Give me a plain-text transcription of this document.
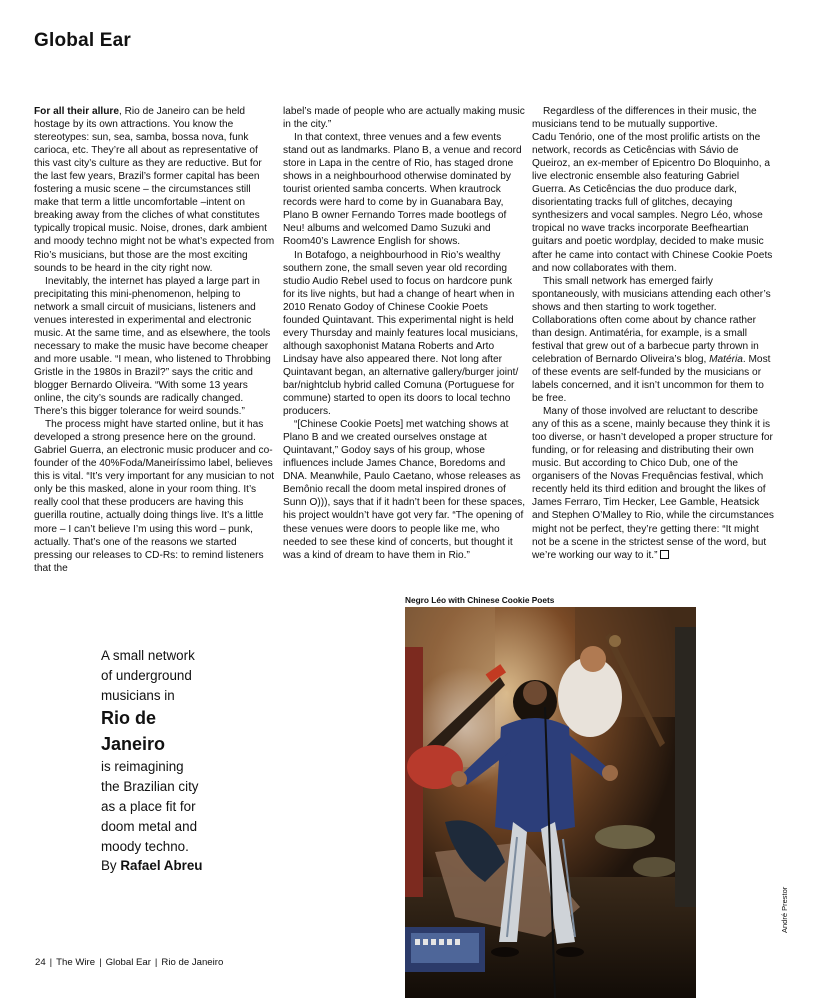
Global Ear

For all their allure, Rio de Janeiro can be held hostage by its own attractions. You know the stereotypes: sun, sea, samba, bossa nova, funk carioca, etc. They’re all about as representative of this vast city’s culture as they are reductive. But for the last few years, Brazil’s former capital has been fostering a music scene – the circumstances still make that term a little uncomfortable –intent on breaking away from the cliches of what constitutes typically tropical music. Noise, drones, dark ambient and moody techno might not be what’s expected from Rio’s musicians, but those are the most exciting sounds to be heard in the city right now.

Inevitably, the internet has played a large part in precipitating this mini-phenomenon, helping to network a small circuit of musicians, listeners and venues interested in experimental and electronic music. At the same time, and as elsewhere, the tools necessary to make the music have become cheaper and more usable. “I mean, who listened to Throbbing Gristle in the 1980s in Brazil?” says the critic and blogger Bernardo Oliveira. “With some 13 years online, the city’s sounds are radically changed. There’s this bigger tolerance for weird sounds.”

The process might have started online, but it has developed a strong presence here on the ground. Gabriel Guerra, an electronic music producer and co-founder of the 40%Foda/Maneiríssimo label, believes this is vital. “It’s very important for any musician to not only be this masked, alone in your room thing. It’s really cool that these producers are having this guerilla routine, actually doing things live. It’s a little more – I can’t believe I’m using this word – punk, actually. That’s one of the reasons we started pressing our releases to CD-Rs: to remind listeners that the

label’s made of people who are actually making music in the city.”

In that context, three venues and a few events stand out as landmarks. Plano B, a venue and record store in Lapa in the centre of Rio, has staged drone shows in a neighbourhood otherwise dominated by tourist oriented samba concerts. When krautrock records were hard to come by in Guanabara Bay, Plano B owner Fernando Torres made bootlegs of Neu! albums and welcomed Damo Suzuki and Room40’s Lawrence English for shows.

In Botafogo, a neighbourhood in Rio’s wealthy southern zone, the small seven year old recording studio Audio Rebel used to focus on hardcore punk for its live nights, but had a change of heart when in 2010 Renato Godoy of Chinese Cookie Poets founded Quintavant. This experimental night is held every Thursday and mainly features local musicians, although saxophonist Matana Roberts and Arto Lindsay have also appeared there. Not long after Quintavant began, an alternative gallery/burger joint/ bar/nightclub hybrid called Comuna (Portuguese for commune) started to open its doors to local techno producers.

“[Chinese Cookie Poets] met watching shows at Plano B and we created ourselves onstage at Quintavant,” Godoy says of his group, whose influences include James Chance, Boredoms and DNA. Meanwhile, Paulo Caetano, whose releases as Bemônio recall the doom metal inspired drones of Sunn O))), says that if it hadn’t been for these spaces, his project wouldn’t have got very far. “The opening of these venues were doors to people like me, who needed to see these kind of concerts, but thought it was a kind of dream to have them in Rio.”

Regardless of the differences in their music, the musicians tend to be mutually supportive.

Cadu Tenório, one of the most prolific artists on the network, records as Ceticências with Sávio de Queiroz, an ex-member of Epicentro Do Bloquinho, a live electronic ensemble also featuring Gabriel Guerra. As Ceticências the duo produce dark, disorientating tracks full of glitches, decaying synthesizers and vocal samples. Negro Léo, whose tropical no wave tracks incorporate Beefheartian guitars and poetic wordplay, decided to make music after he came into contact with Chinese Cookie Poets and now collaborates with them.

This small network has emerged fairly spontaneously, with musicians attending each other’s shows and then starting to work together. Collaborations often come about by chance rather than design. Antimatéria, for example, is a small festival that grew out of a barbecue party thrown in celebration of Bernardo Oliveira’s blog, Matéria. Most of these events are self-funded by the musicians or labels concerned, and it isn’t uncommon for them to be free.

Many of those involved are reluctant to describe any of this as a scene, mainly because they think it is too diverse, or hasn’t developed a proper structure for funding, or for releasing and distributing their own music. But according to Chico Dub, one of the organisers of the Novas Frequências festival, which recently held its third edition and brought the likes of James Ferraro, Tim Hecker, Lee Gamble, Heatsick and Stephen O’Malley to Rio, while the circumstances might not be perfect, they’re getting there: “It might not be a scene in the strictest sense of the word, but we’re working our way to it.”

A small network
of underground
musicians in
Rio de
Janeiro
is reimagining
the Brazilian city
as a place fit for
doom metal and
moody techno.
By Rafael Abreu
Negro Léo with Chinese Cookie Poets
André Prestor
24 | The Wire | Global Ear | Rio de Janeiro
